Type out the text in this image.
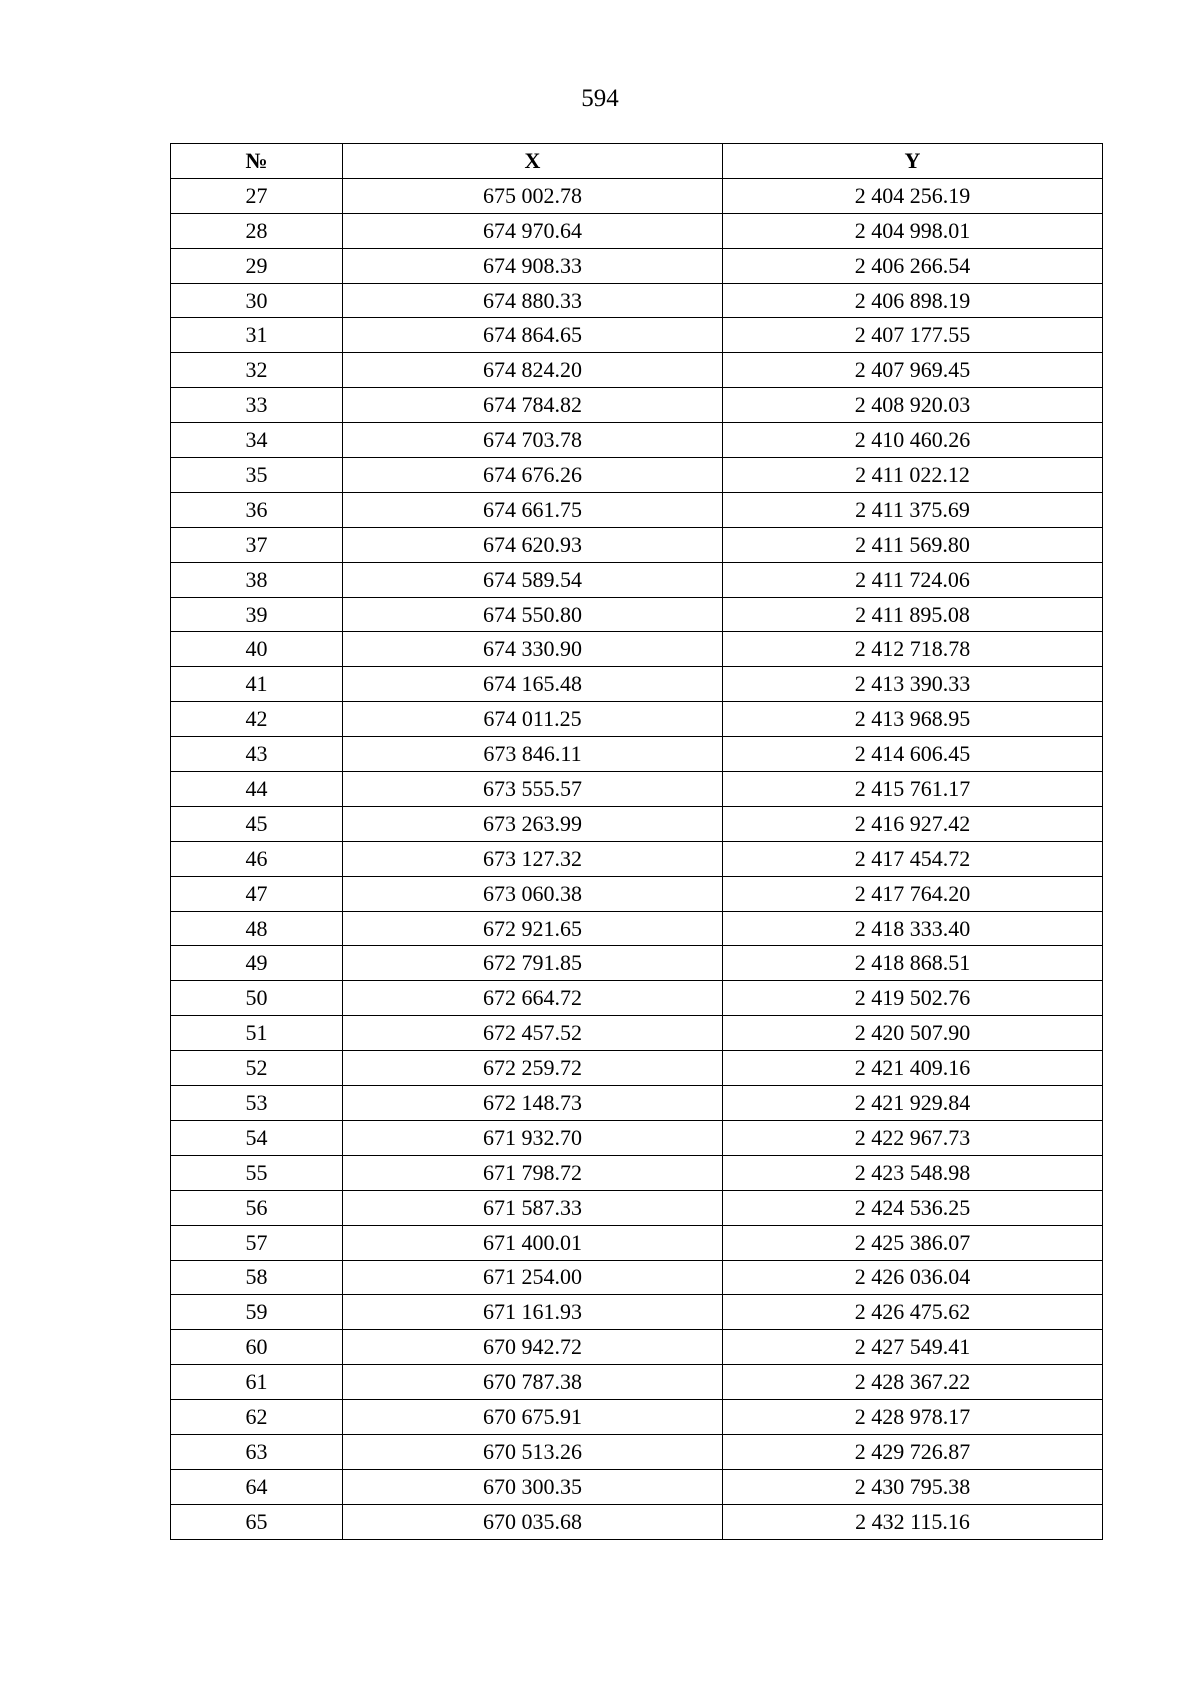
594
№	X	Y
27	675 002.78	2 404 256.19
28	674 970.64	2 404 998.01
29	674 908.33	2 406 266.54
30	674 880.33	2 406 898.19
31	674 864.65	2 407 177.55
32	674 824.20	2 407 969.45
33	674 784.82	2 408 920.03
34	674 703.78	2 410 460.26
35	674 676.26	2 411 022.12
36	674 661.75	2 411 375.69
37	674 620.93	2 411 569.80
38	674 589.54	2 411 724.06
39	674 550.80	2 411 895.08
40	674 330.90	2 412 718.78
41	674 165.48	2 413 390.33
42	674 011.25	2 413 968.95
43	673 846.11	2 414 606.45
44	673 555.57	2 415 761.17
45	673 263.99	2 416 927.42
46	673 127.32	2 417 454.72
47	673 060.38	2 417 764.20
48	672 921.65	2 418 333.40
49	672 791.85	2 418 868.51
50	672 664.72	2 419 502.76
51	672 457.52	2 420 507.90
52	672 259.72	2 421 409.16
53	672 148.73	2 421 929.84
54	671 932.70	2 422 967.73
55	671 798.72	2 423 548.98
56	671 587.33	2 424 536.25
57	671 400.01	2 425 386.07
58	671 254.00	2 426 036.04
59	671 161.93	2 426 475.62
60	670 942.72	2 427 549.41
61	670 787.38	2 428 367.22
62	670 675.91	2 428 978.17
63	670 513.26	2 429 726.87
64	670 300.35	2 430 795.38
65	670 035.68	2 432 115.16
